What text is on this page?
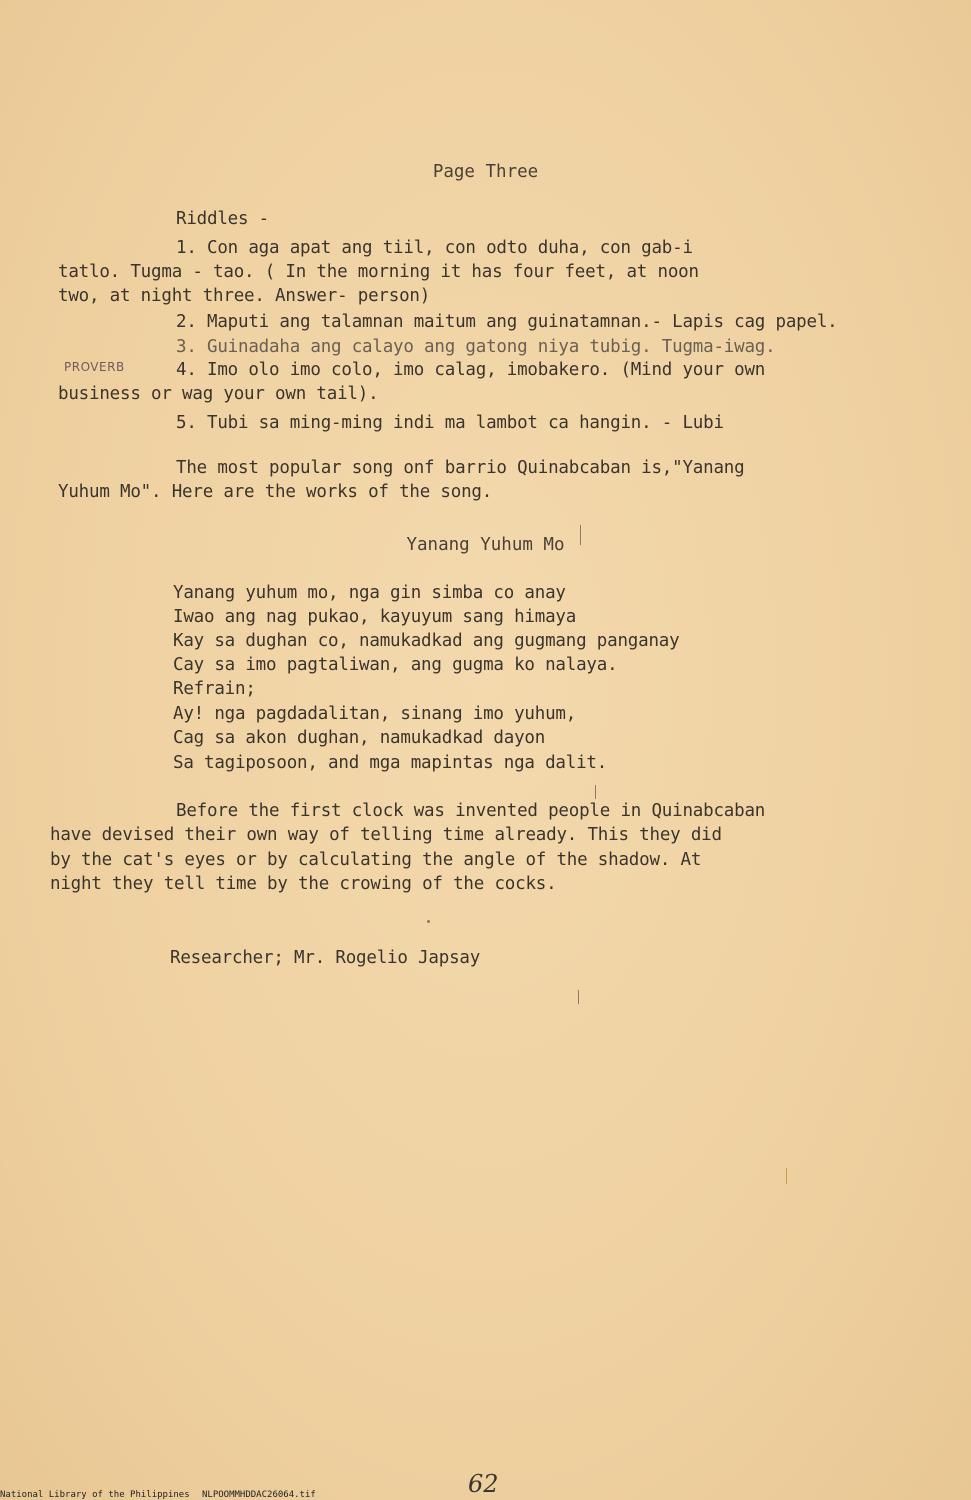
Page Three
Riddles -
1. Con aga apat ang tiil, con odto duha, con gab-i
tatlo. Tugma - tao. ( In the morning it has four feet, at noon
two, at night three. Answer- person)
2. Maputi ang talamnan maitum ang guinatamnan.- Lapis cag papel.
3. Guinadaha ang calayo ang gatong niya tubig. Tugma-iwag.
PROVERB	4. Imo olo imo colo, imo calag, imobakero. (Mind your own
business or wag your own tail).
5. Tubi sa ming-ming indi ma lambot ca hangin. - Lubi
The most popular song onf barrio Quinabcaban is,"Yanang
Yuhum Mo". Here are the works of the song.
Yanang Yuhum Mo
Yanang yuhum mo, nga gin simba co anay
Iwao ang nag pukao, kayuyum sang himaya
Kay sa dughan co, namukadkad ang gugmang panganay
Cay sa imo pagtaliwan, ang gugma ko nalaya.
Refrain;
Ay! nga pagdadalitan, sinang imo yuhum,
Cag sa akon dughan, namukadkad dayon
Sa tagiposoon, and mga mapintas nga dalit.
Before the first clock was invented people in Quinabcaban
have devised their own way of telling time already. This they did
by the cat's eyes or by calculating the angle of the shadow. At
night they tell time by the crowing of the cocks.
Researcher; Mr. Rogelio Japsay
62
National Library of the Philippines NLPOOMMHDDAC26064.tif
